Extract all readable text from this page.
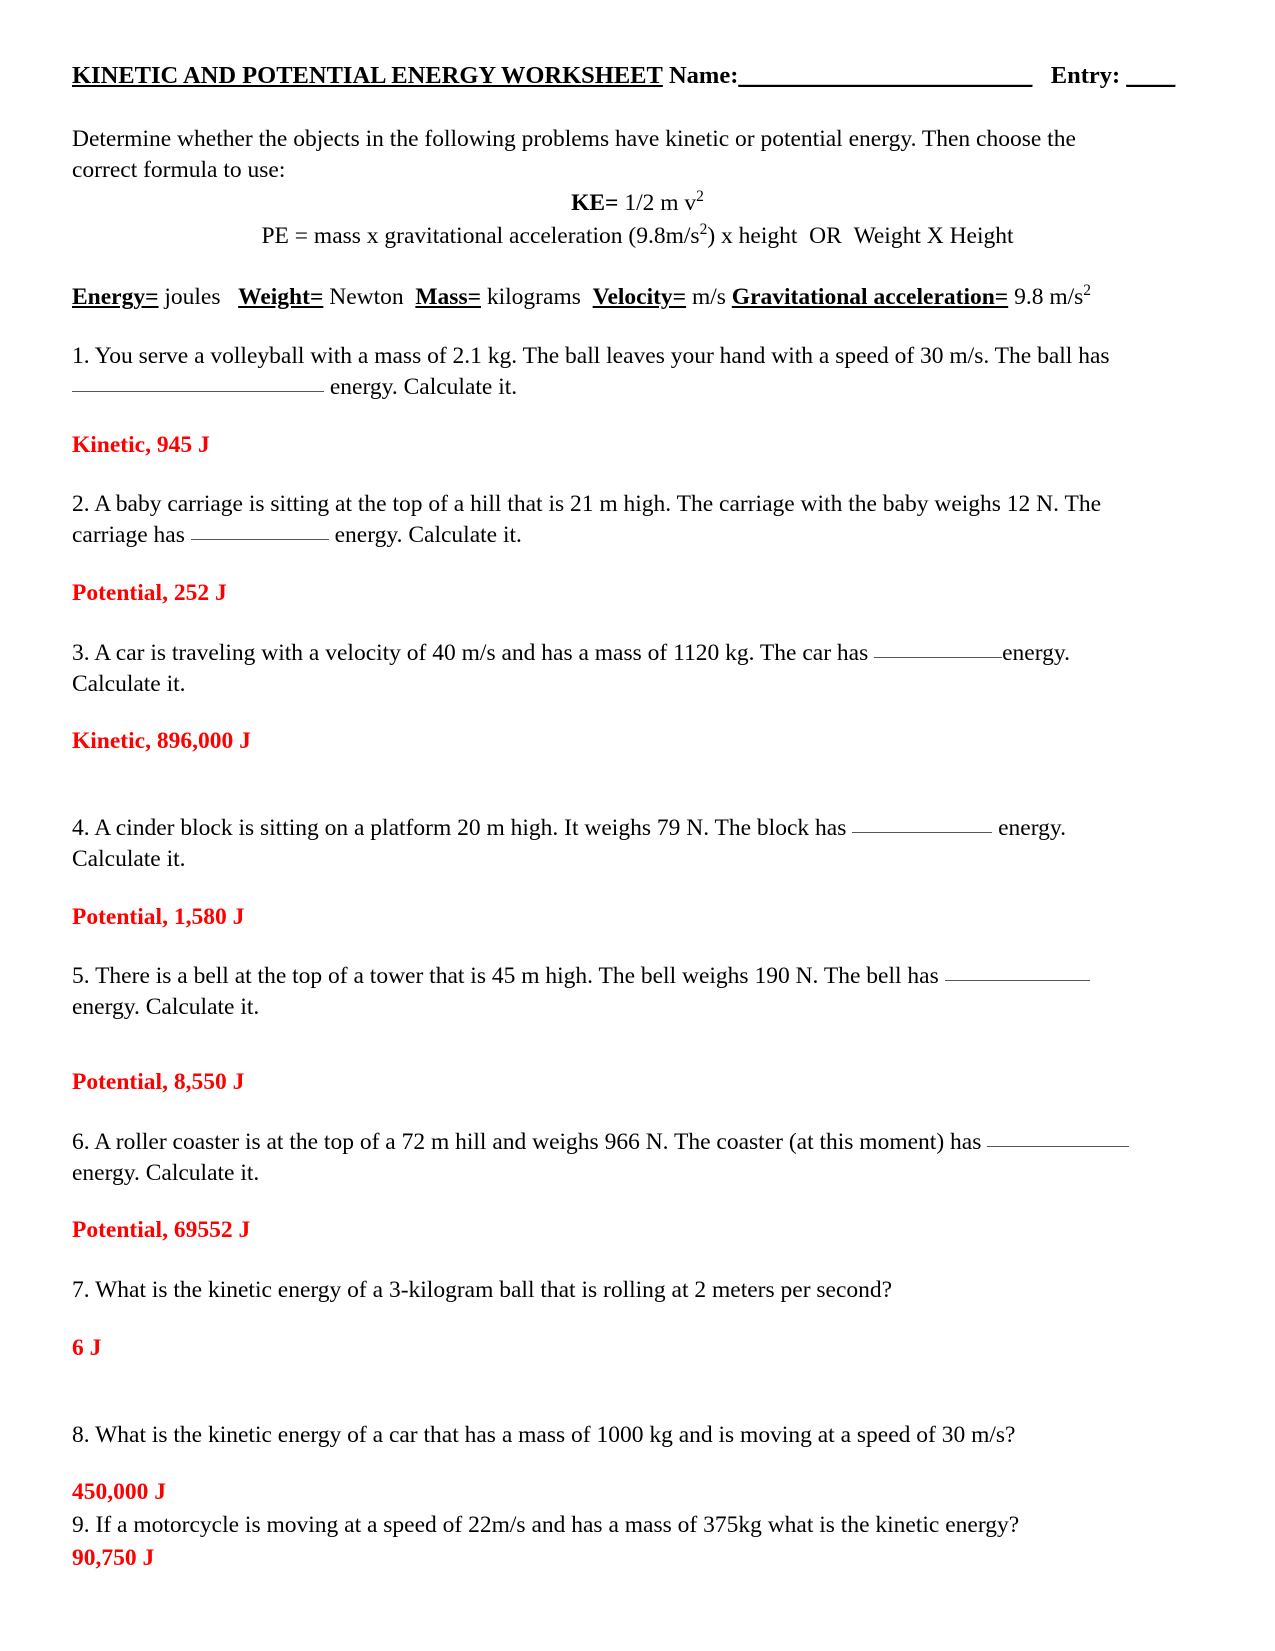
KINETIC AND POTENTIAL ENERGY WORKSHEET Name:________________________ Entry: ____

Determine whether the objects in the following problems have kinetic or potential energy. Then choose the correct formula to use:

KE= 1/2 m $v^2$

PE = mass x gravitational acceleration $(9.8m/s^2)$ x height OR Weight X Height

Energy= joules Weight= Newton Mass= kilograms Velocity= m/s Gravitational acceleration= 9.8 $m/s^2$

1. You serve a volleyball with a mass of 2.1 kg. The ball leaves your hand with a speed of 30 m/s. The ball has  energy. Calculate it.

Kinetic, 945 J

2. A baby carriage is sitting at the top of a hill that is 21 m high. The carriage with the baby weighs 12 N. The carriage has	energy. Calculate it.

Potential, 252 J

3. A car is traveling with a velocity of 40 m/s and has a mass of 1120 kg. The car has	energy. Calculate it.

Kinetic, 896,000 J

4. A cinder block is sitting on a platform 20 m high. It weighs 79 N. The block has	energy. Calculate it.

Potential, 1,580 J

5. There is a bell at the top of a tower that is 45 m high. The bell weighs 190 N. The bell has  energy. Calculate it.

Potential, 8,550 J

6. A roller coaster is at the top of a 72 m hill and weighs 966 N. The coaster (at this moment) has  energy. Calculate it.

Potential, 69552 J

7. What is the kinetic energy of a 3-kilogram ball that is rolling at 2 meters per second?

6 J

8. What is the kinetic energy of a car that has a mass of 1000 kg and is moving at a speed of 30 m/s?

450,000 J

9. If a motorcycle is moving at a speed of 22m/s and has a mass of 375kg what is the kinetic energy?

90,750 J
